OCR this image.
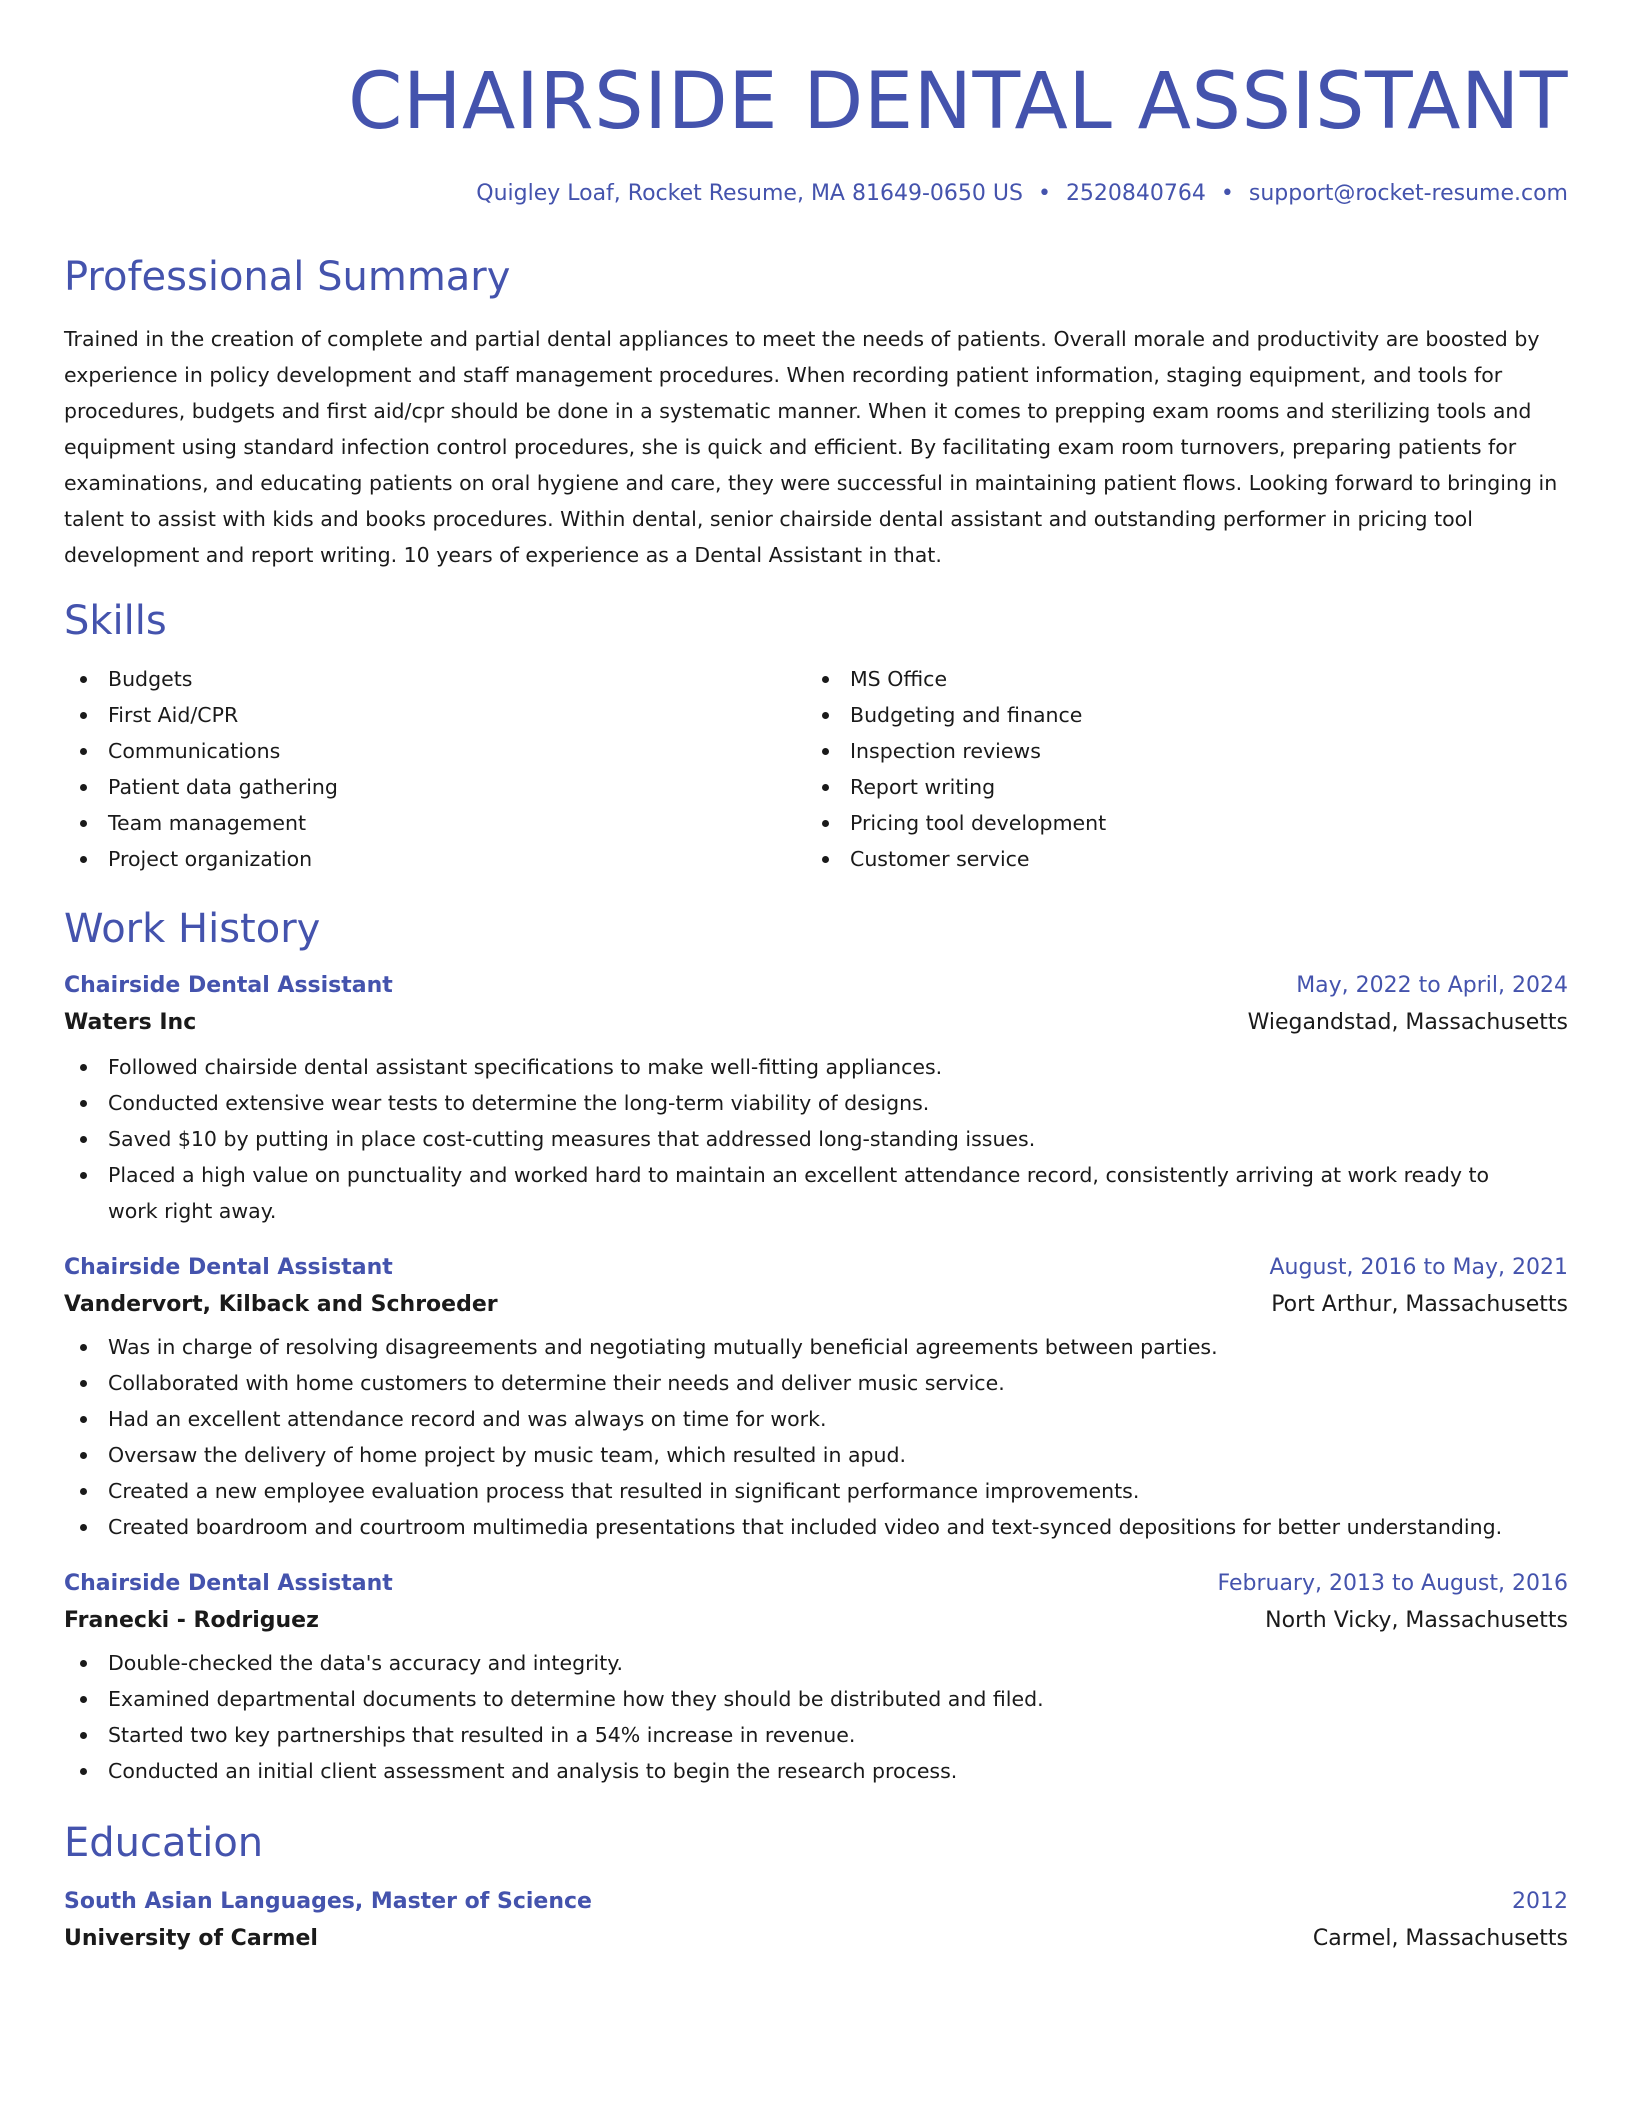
CHAIRSIDE DENTAL ASSISTANT
Quigley Loaf, Rocket Resume, MA 81649-0650 US • 2520840764 • support@rocket-resume.com
Professional Summary

Trained in the creation of complete and partial dental appliances to meet the needs of patients. Overall morale and productivity are boosted by experience in policy development and staff management procedures. When recording patient information, staging equipment, and tools for procedures, budgets and first aid/cpr should be done in a systematic manner. When it comes to prepping exam rooms and sterilizing tools and equipment using standard infection control procedures, she is quick and efficient. By facilitating exam room turnovers, preparing patients for examinations, and educating patients on oral hygiene and care, they were successful in maintaining patient flows. Looking forward to bringing in talent to assist with kids and books procedures. Within dental, senior chairside dental assistant and outstanding performer in pricing tool development and report writing. 10 years of experience as a Dental Assistant in that.

Skills
Budgets
First Aid/CPR
Communications
Patient data gathering
Team management
Project organization
MS Office
Budgeting and finance
Inspection reviews
Report writing
Pricing tool development
Customer service
Work History
Chairside Dental Assistant	May, 2022 to April, 2024
Waters Inc	Wiegandstad, Massachusetts
Followed chairside dental assistant specifications to make well-fitting appliances.
Conducted extensive wear tests to determine the long-term viability of designs.
Saved $10 by putting in place cost-cutting measures that addressed long-standing issues.
Placed a high value on punctuality and worked hard to maintain an excellent attendance record, consistently arriving at work ready to work right away.
Chairside Dental Assistant	August, 2016 to May, 2021
Vandervort, Kilback and Schroeder	Port Arthur, Massachusetts
Was in charge of resolving disagreements and negotiating mutually beneficial agreements between parties.
Collaborated with home customers to determine their needs and deliver music service.
Had an excellent attendance record and was always on time for work.
Oversaw the delivery of home project by music team, which resulted in apud.
Created a new employee evaluation process that resulted in significant performance improvements.
Created boardroom and courtroom multimedia presentations that included video and text-synced depositions for better understanding.
Chairside Dental Assistant	February, 2013 to August, 2016
Franecki - Rodriguez	North Vicky, Massachusetts
Double-checked the data's accuracy and integrity.
Examined departmental documents to determine how they should be distributed and filed.
Started two key partnerships that resulted in a 54% increase in revenue.
Conducted an initial client assessment and analysis to begin the research process.
Education
South Asian Languages, Master of Science	2012
University of Carmel	Carmel, Massachusetts
